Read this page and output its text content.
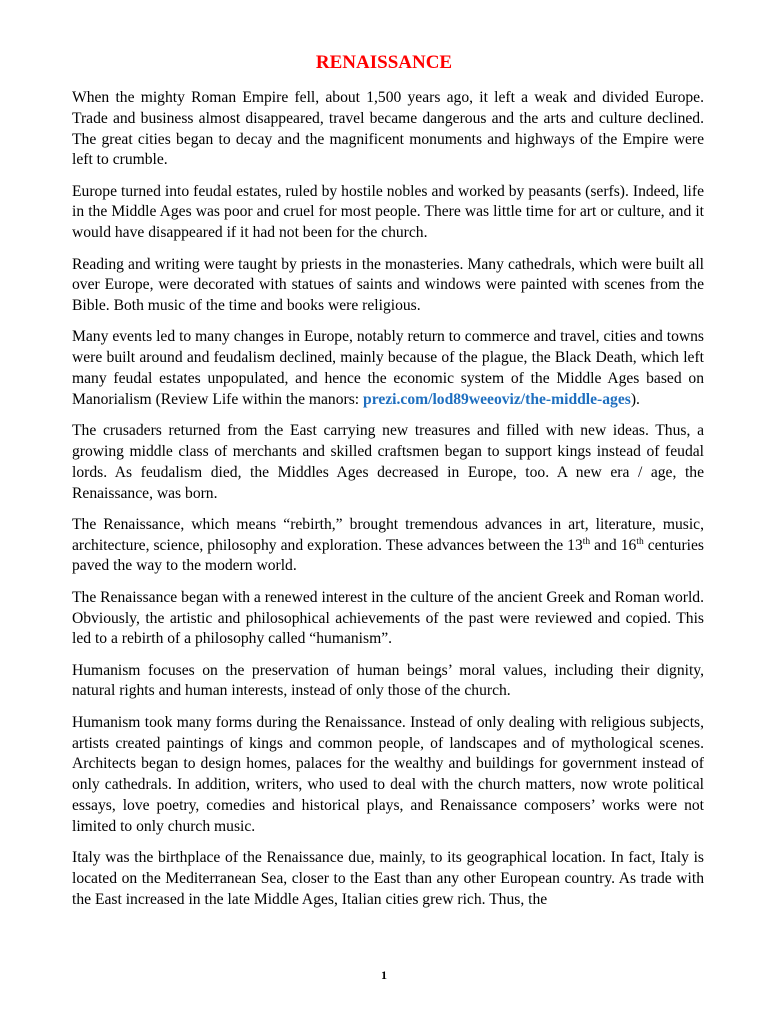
RENAISSANCE

When the mighty Roman Empire fell, about 1,500 years ago, it left a weak and divided Europe. Trade and business almost disappeared, travel became dangerous and the arts and culture declined. The great cities began to decay and the magnificent monuments and highways of the Empire were left to crumble.

Europe turned into feudal estates, ruled by hostile nobles and worked by peasants (serfs). Indeed, life in the Middle Ages was poor and cruel for most people. There was little time for art or culture, and it would have disappeared if it had not been for the church.

Reading and writing were taught by priests in the monasteries. Many cathedrals, which were built all over Europe, were decorated with statues of saints and windows were painted with scenes from the Bible. Both music of the time and books were religious.

Many events led to many changes in Europe, notably return to commerce and travel, cities and towns were built around and feudalism declined, mainly because of the plague, the Black Death, which left many feudal estates unpopulated, and hence the economic system of the Middle Ages based on Manorialism (Review Life within the manors: prezi.com/lod89weeoviz/the-middle-ages).

The crusaders returned from the East carrying new treasures and filled with new ideas. Thus, a growing middle class of merchants and skilled craftsmen began to support kings instead of feudal lords. As feudalism died, the Middles Ages decreased in Europe, too. A new era / age, the Renaissance, was born.

The Renaissance, which means “rebirth,” brought tremendous advances in art, literature, music, architecture, science, philosophy and exploration. These advances between the 13th and 16th centuries paved the way to the modern world.

The Renaissance began with a renewed interest in the culture of the ancient Greek and Roman world. Obviously, the artistic and philosophical achievements of the past were reviewed and copied. This led to a rebirth of a philosophy called “humanism”.

Humanism focuses on the preservation of human beings’ moral values, including their dignity, natural rights and human interests, instead of only those of the church.

Humanism took many forms during the Renaissance. Instead of only dealing with religious subjects, artists created paintings of kings and common people, of landscapes and of mythological scenes. Architects began to design homes, palaces for the wealthy and buildings for government instead of only cathedrals. In addition, writers, who used to deal with the church matters, now wrote political essays, love poetry, comedies and historical plays, and Renaissance composers’ works were not limited to only church music.

Italy was the birthplace of the Renaissance due, mainly, to its geographical location. In fact, Italy is located on the Mediterranean Sea, closer to the East than any other European country. As trade with the East increased in the late Middle Ages, Italian cities grew rich. Thus, the

1
